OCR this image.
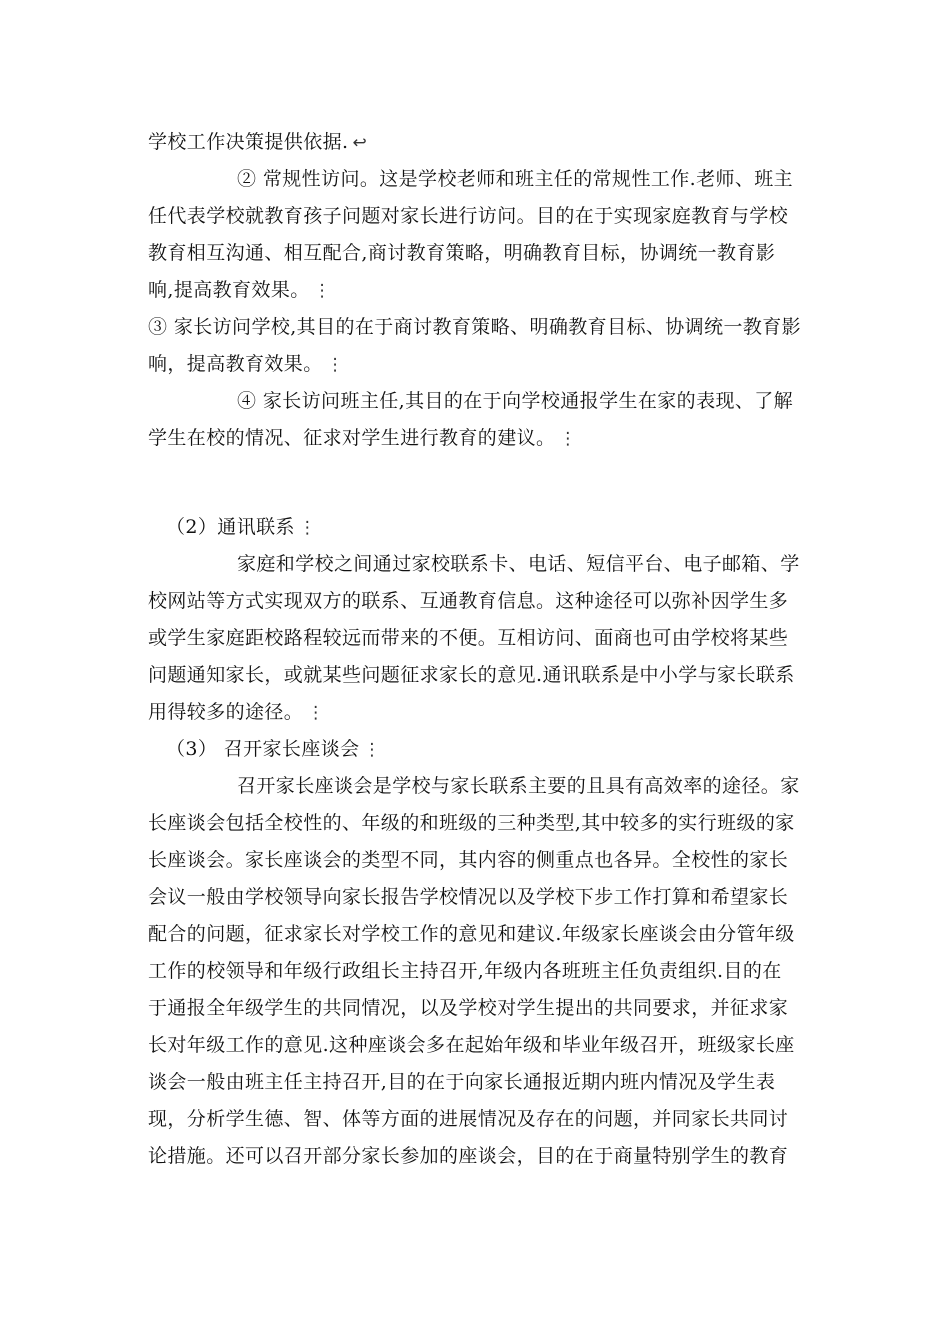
学校工作决策提供依据. ↩
② 常规性访问。这是学校老师和班主任的常规性工作.老师、班主
任代表学校就教育孩子问题对家长进行访问。目的在于实现家庭教育与学校
教育相互沟通、相互配合,商讨教育策略，明确教育目标，协调统一教育影
响,提高教育效果。 ⋮
③ 家长访问学校,其目的在于商讨教育策略、明确教育目标、协调统一教育影
响，提高教育效果。 ⋮
④ 家长访问班主任,其目的在于向学校通报学生在家的表现、了解
学生在校的情况、征求对学生进行教育的建议。 ⋮
（2）通讯联系 ⋮
家庭和学校之间通过家校联系卡、电话、短信平台、电子邮箱、学
校网站等方式实现双方的联系、互通教育信息。这种途径可以弥补因学生多
或学生家庭距校路程较远而带来的不便。互相访问、面商也可由学校将某些
问题通知家长，或就某些问题征求家长的意见.通讯联系是中小学与家长联系
用得较多的途径。 ⋮
（3） 召开家长座谈会 ⋮
召开家长座谈会是学校与家长联系主要的且具有高效率的途径。家
长座谈会包括全校性的、年级的和班级的三种类型,其中较多的实行班级的家
长座谈会。家长座谈会的类型不同，其内容的侧重点也各异。全校性的家长
会议一般由学校领导向家长报告学校情况以及学校下步工作打算和希望家长
配合的问题，征求家长对学校工作的意见和建议.年级家长座谈会由分管年级
工作的校领导和年级行政组长主持召开,年级内各班班主任负责组织.目的在
于通报全年级学生的共同情况，以及学校对学生提出的共同要求，并征求家
长对年级工作的意见.这种座谈会多在起始年级和毕业年级召开，班级家长座
谈会一般由班主任主持召开,目的在于向家长通报近期内班内情况及学生表
现，分析学生德、智、体等方面的进展情况及存在的问题，并同家长共同讨
论措施。还可以召开部分家长参加的座谈会，目的在于商量特别学生的教育
